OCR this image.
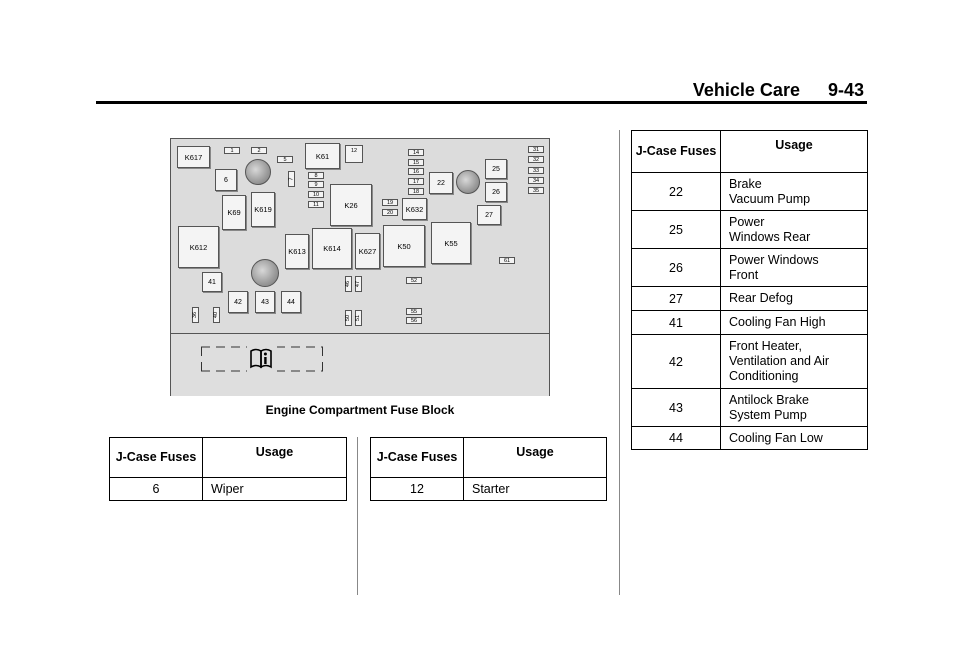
Vehicle Care 9-43
K617
1	2
5	K61
12
6	7
8
9
10
11
K69 K619	K26
14
15
16
17
18
19
20 K632
22
25
26
27
31
32
33
34
35
K612	K613 K614 K627
K50	K55
61
41
42	43	44
46 47
52
36	40	50 51
55
56
Engine Compartment Fuse Block
J-Case Fuses	Usage
6	Wiper
J-Case Fuses	Usage
12	Starter
J-Case Fuses	Usage
22	Brake
Vacuum Pump

25	Power
Windows Rear

26	Power Windows
Front

27	Rear Defog
41	Cooling Fan High
42	Front Heater,
Ventilation and Air
Conditioning

43	Antilock Brake
System Pump

44	Cooling Fan Low
